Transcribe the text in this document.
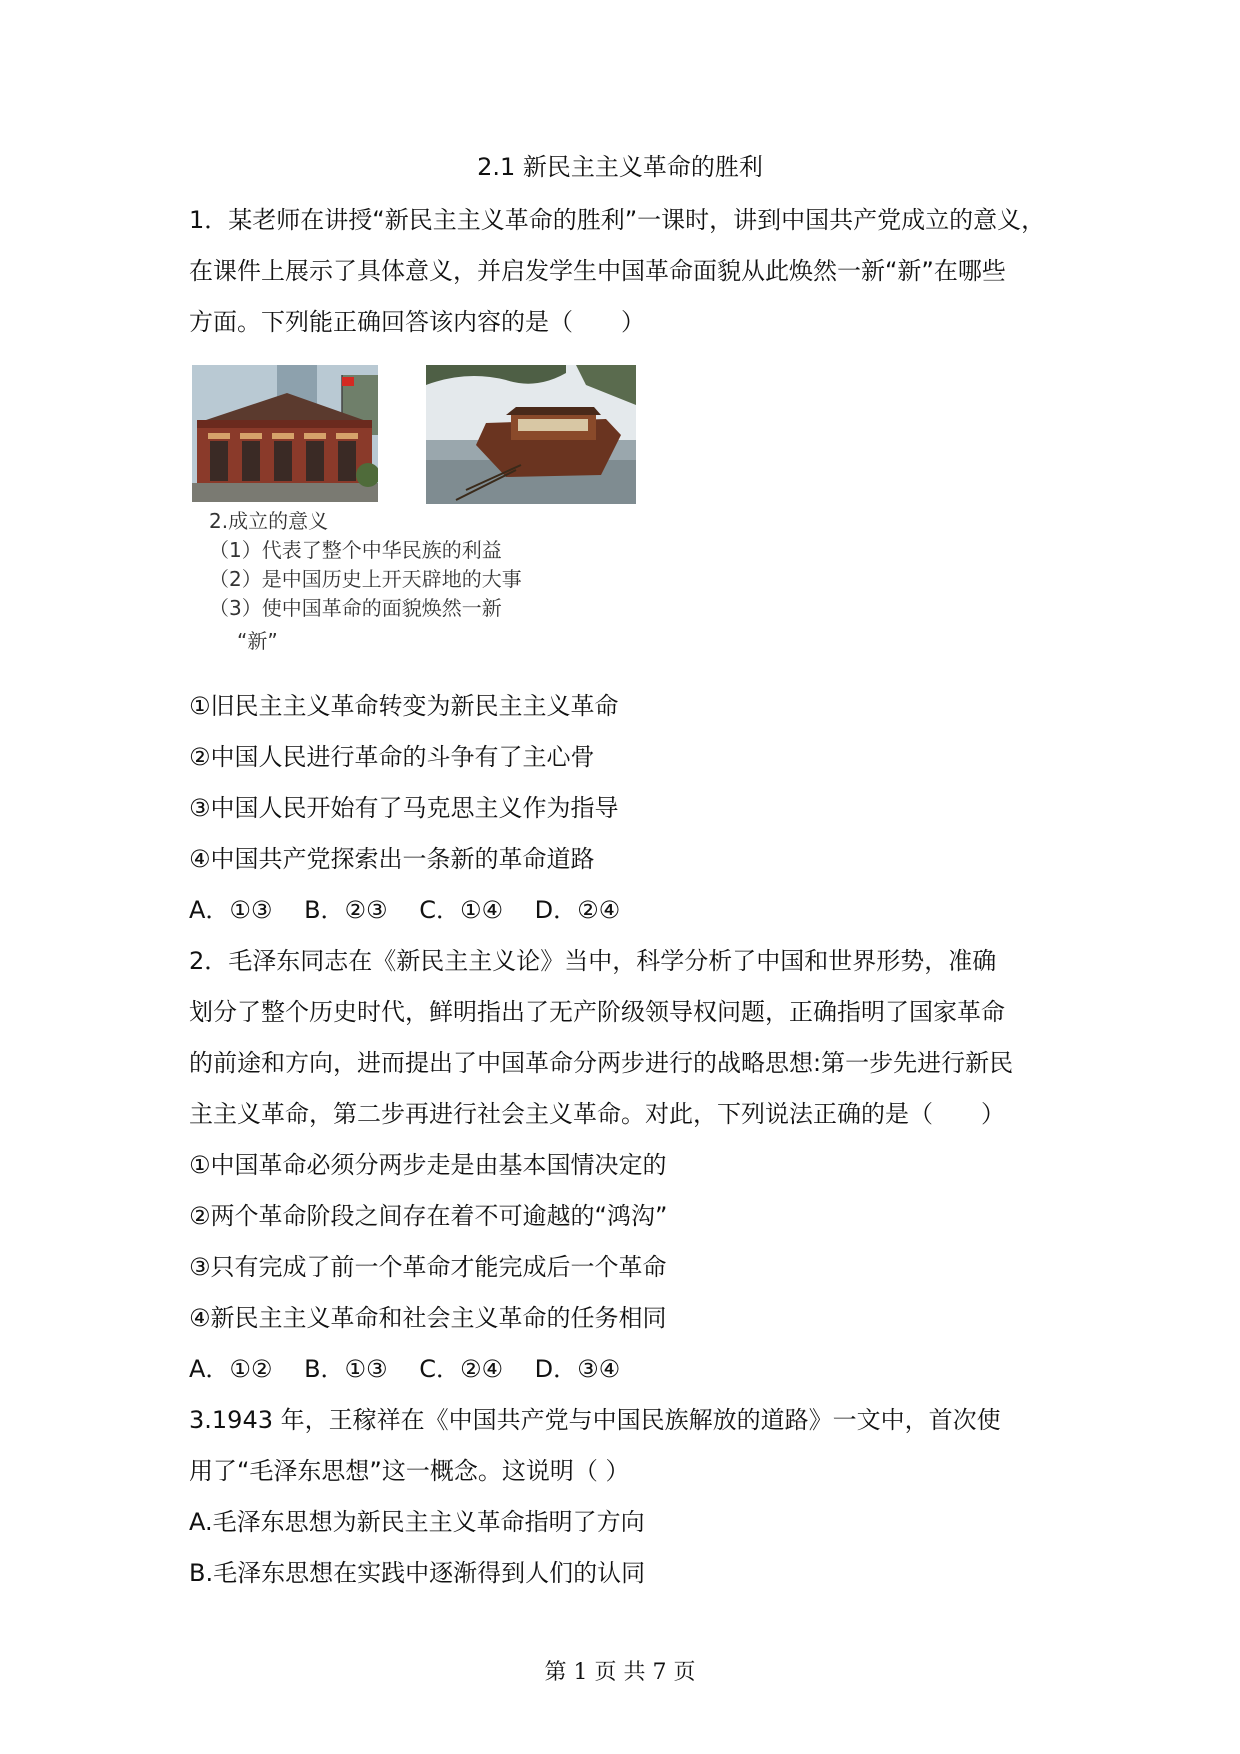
2.1 新民主主义革命的胜利
1．某老师在讲授“新民主主义革命的胜利”一课时，讲到中国共产党成立的意义，
在课件上展示了具体意义，并启发学生中国革命面貌从此焕然一新“新”在哪些
方面。下列能正确回答该内容的是（　　）
2.成立的意义
（1）代表了整个中华民族的利益
（2）是中国历史上开天辟地的大事
（3）使中国革命的面貌焕然一新
“新”
①旧民主主义革命转变为新民主主义革命
②中国人民进行革命的斗争有了主心骨
③中国人民开始有了马克思主义作为指导
④中国共产党探索出一条新的革命道路
A．①③　 B．②③　 C．①④　 D．②④
2．毛泽东同志在《新民主主义论》当中，科学分析了中国和世界形势，准确
划分了整个历史时代，鲜明指出了无产阶级领导权问题，正确指明了国家革命
的前途和方向，进而提出了中国革命分两步进行的战略思想:第一步先进行新民
主主义革命，第二步再进行社会主义革命。对此，下列说法正确的是（　　）
①中国革命必须分两步走是由基本国情决定的
②两个革命阶段之间存在着不可逾越的“鸿沟”
③只有完成了前一个革命才能完成后一个革命
④新民主主义革命和社会主义革命的任务相同
A．①②　 B．①③　 C．②④　 D．③④
3.1943 年，王稼祥在《中国共产党与中国民族解放的道路》一文中，首次使
用了“毛泽东思想”这一概念。这说明（ ）
A.毛泽东思想为新民主主义革命指明了方向
B.毛泽东思想在实践中逐渐得到人们的认同
第 1 页 共 7 页
